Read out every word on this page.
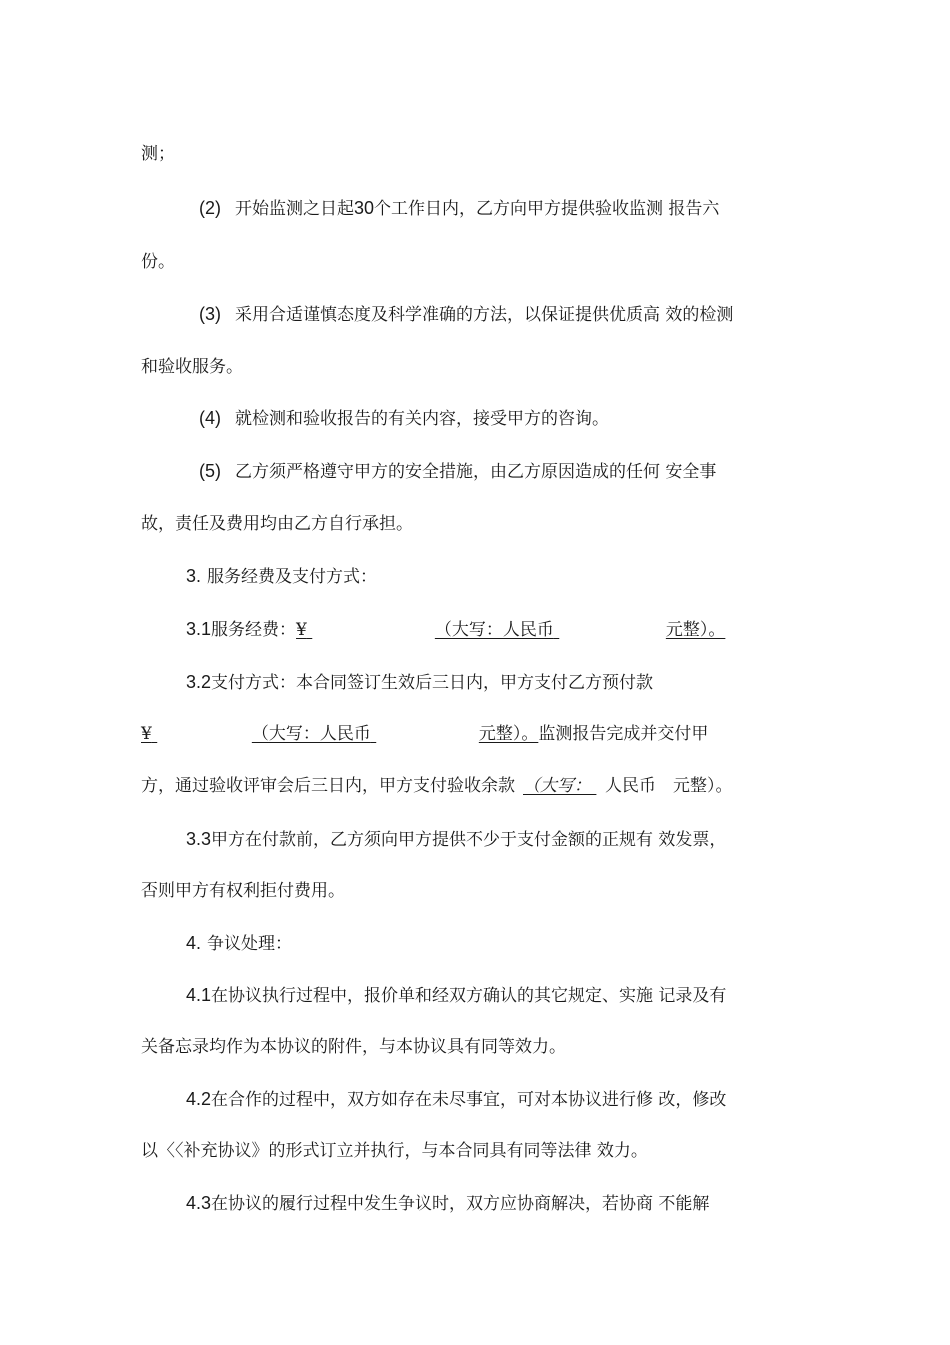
测；
(2) 开始监测之日起30个工作日内，乙方向甲方提供验收监测 报告六
份。
(3) 采用合适谨慎态度及科学准确的方法，以保证提供优质高 效的检测
和验收服务。
(4) 就检测和验收报告的有关内容，接受甲方的咨询。
(5) 乙方须严格遵守甲方的安全措施，由乙方原因造成的任何 安全事
故，责任及费用均由乙方自行承担。
3. 服务经费及支付方式：
3.1服务经费：¥	（大写：人民币	元整）。
3.2支付方式：本合同签订生效后三日内，甲方支付乙方预付款
¥	（大写：人民币	元整）。监测报告完成并交付甲
方，通过验收评审会后三日内，甲方支付验收余款 （大写： 人民币　元整）。
3.3甲方在付款前，乙方须向甲方提供不少于支付金额的正规有 效发票，
否则甲方有权利拒付费用。
4. 争议处理：
4.1在协议执行过程中，报价单和经双方确认的其它规定、实施 记录及有
关备忘录均作为本协议的附件，与本协议具有同等效力。
4.2在合作的过程中，双方如存在未尽事宜，可对本协议进行修 改，修改
以〈〈补充协议》的形式订立并执行，与本合同具有同等法律 效力。
4.3在协议的履行过程中发生争议时，双方应协商解决，若协商 不能解
